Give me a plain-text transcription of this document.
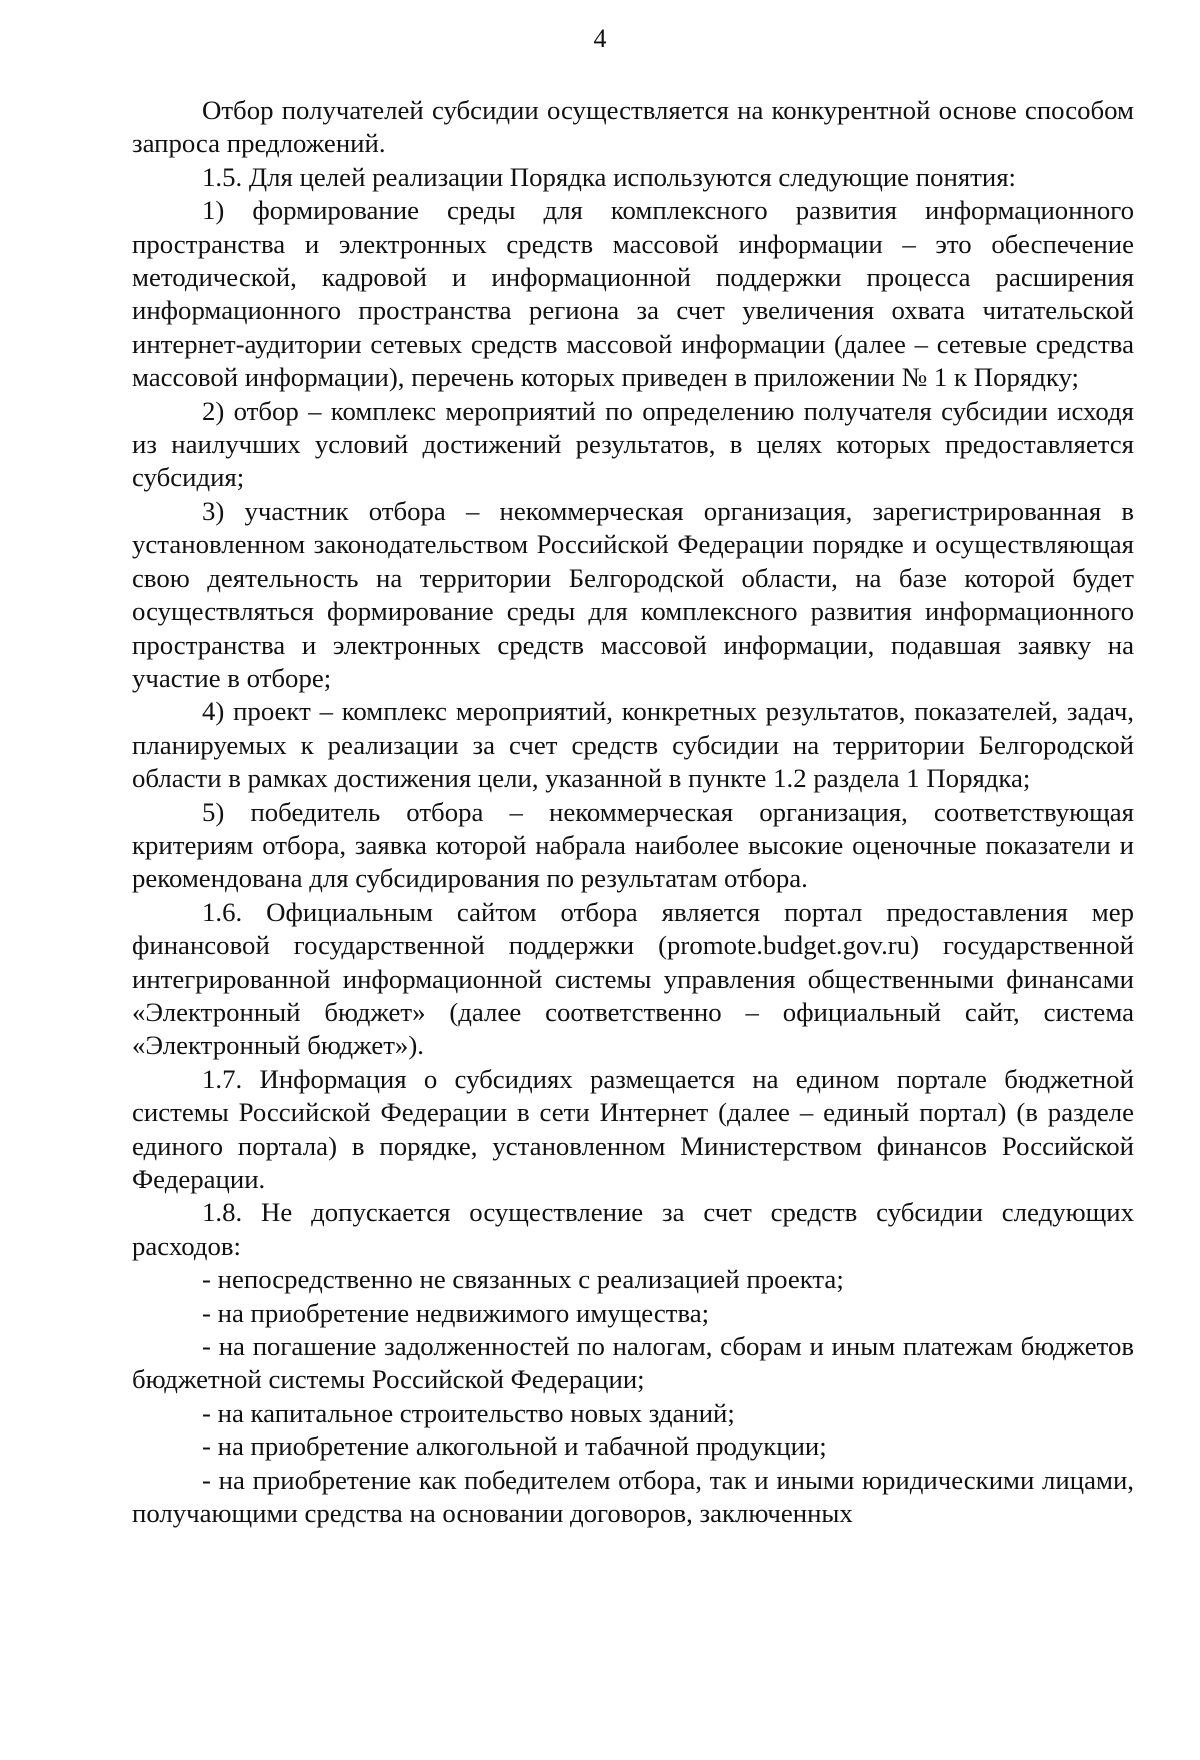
4

Отбор получателей субсидии осуществляется на конкурентной основе способом запроса предложений.

1.5. Для целей реализации Порядка используются следующие понятия:

1) формирование среды для комплексного развития информационного пространства и электронных средств массовой информации – это обеспечение методической, кадровой и информационной поддержки процесса расширения информационного пространства региона за счет увеличения охвата читательской интернет-аудитории сетевых средств массовой информации (далее – сетевые средства массовой информации), перечень которых приведен в приложении № 1 к Порядку;

2) отбор – комплекс мероприятий по определению получателя субсидии исходя из наилучших условий достижений результатов, в целях которых предоставляется субсидия;

3) участник отбора – некоммерческая организация, зарегистрированная в установленном законодательством Российской Федерации порядке и осуществляющая свою деятельность на территории Белгородской области, на базе которой будет осуществляться формирование среды для комплексного развития информационного пространства и электронных средств массовой информации, подавшая заявку на участие в отборе;

4) проект – комплекс мероприятий, конкретных результатов, показателей, задач, планируемых к реализации за счет средств субсидии на территории Белгородской области в рамках достижения цели, указанной в пункте 1.2 раздела 1 Порядка;

5) победитель отбора – некоммерческая организация, соответствующая критериям отбора, заявка которой набрала наиболее высокие оценочные показатели и рекомендована для субсидирования по результатам отбора.

1.6. Официальным сайтом отбора является портал предоставления мер финансовой государственной поддержки (promote.budget.gov.ru) государственной интегрированной информационной системы управления общественными финансами «Электронный бюджет» (далее соответственно – официальный сайт, система «Электронный бюджет»).

1.7. Информация о субсидиях размещается на едином портале бюджетной системы Российской Федерации в сети Интернет (далее – единый портал) (в разделе единого портала) в порядке, установленном Министерством финансов Российской Федерации.

1.8. Не допускается осуществление за счет средств субсидии следующих расходов:

- непосредственно не связанных с реализацией проекта;

- на приобретение недвижимого имущества;

- на погашение задолженностей по налогам, сборам и иным платежам бюджетов бюджетной системы Российской Федерации;

- на капитальное строительство новых зданий;

- на приобретение алкогольной и табачной продукции;

- на приобретение как победителем отбора, так и иными юридическими лицами, получающими средства на основании договоров, заключенных
